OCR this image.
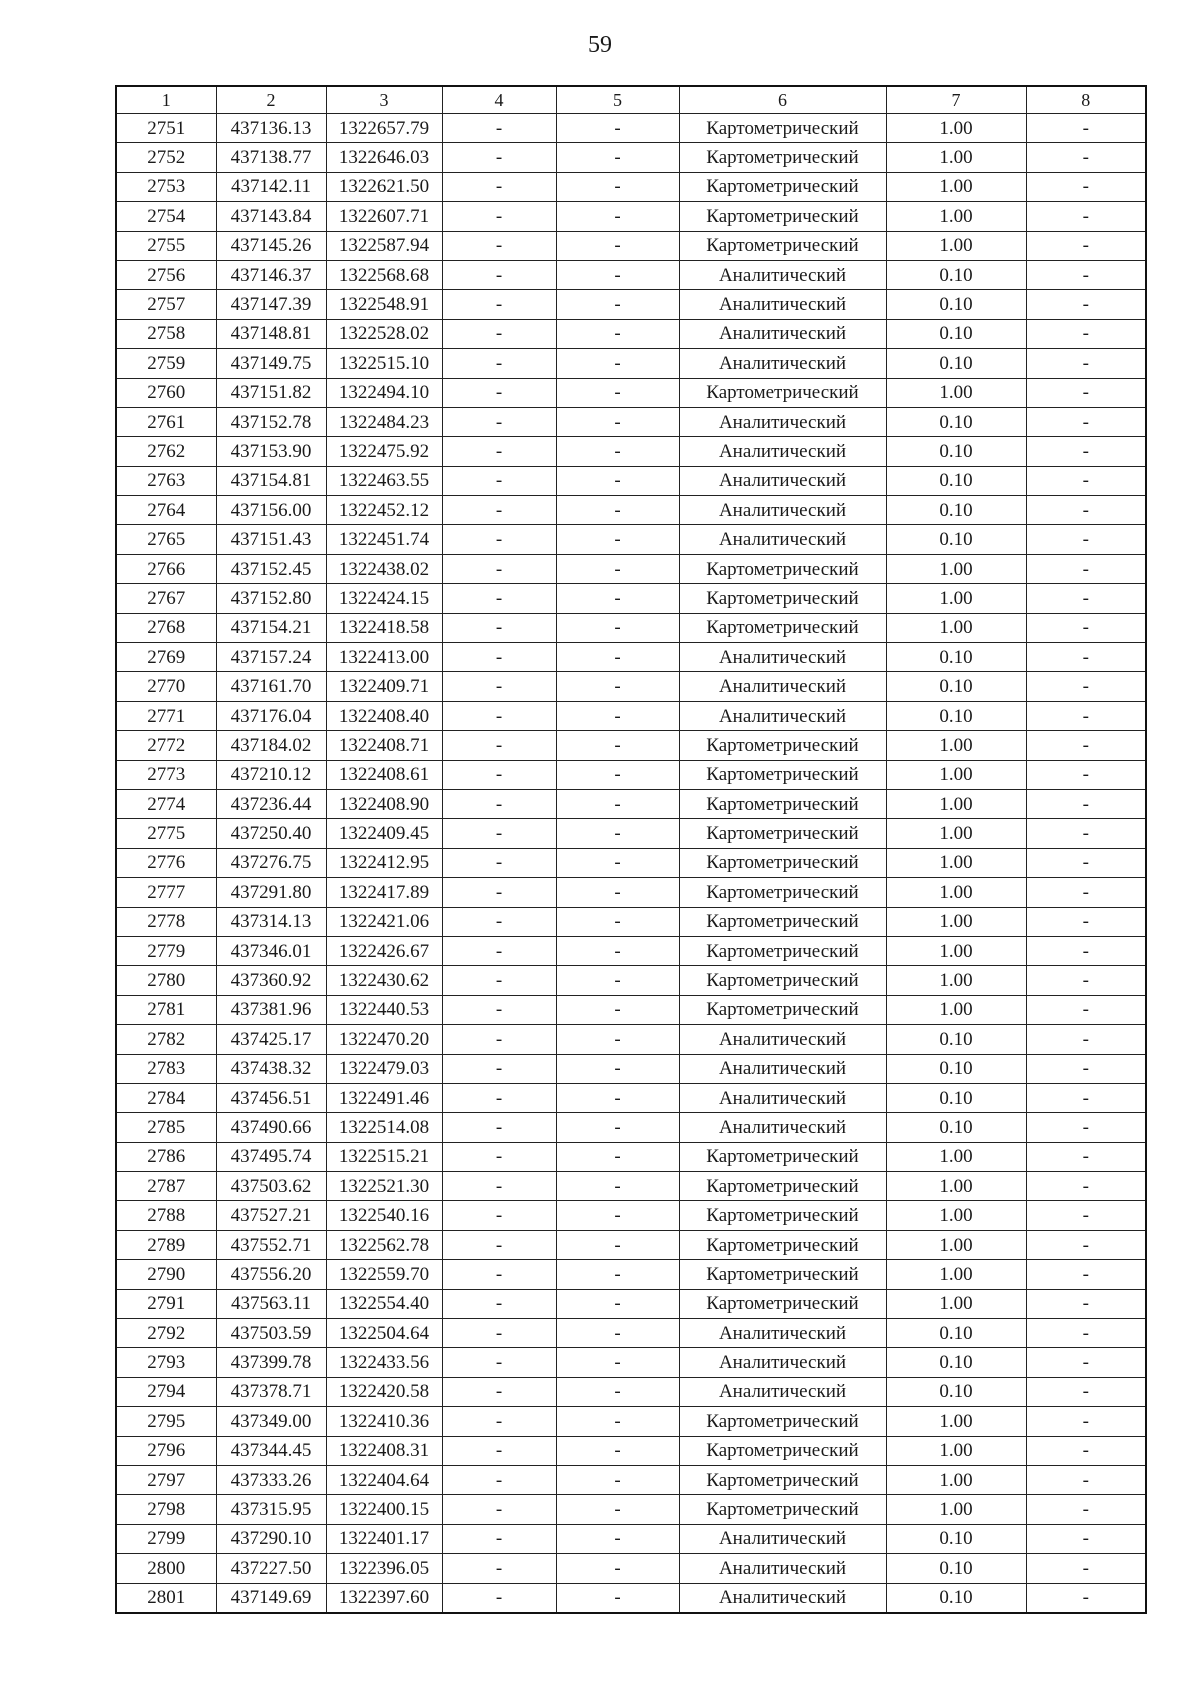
59
1	2	3	4	5	6	7	8
2751	437136.13	1322657.79	-	-	Картометрический	1.00	-
2752	437138.77	1322646.03	-	-	Картометрический	1.00	-
2753	437142.11	1322621.50	-	-	Картометрический	1.00	-
2754	437143.84	1322607.71	-	-	Картометрический	1.00	-
2755	437145.26	1322587.94	-	-	Картометрический	1.00	-
2756	437146.37	1322568.68	-	-	Аналитический	0.10	-
2757	437147.39	1322548.91	-	-	Аналитический	0.10	-
2758	437148.81	1322528.02	-	-	Аналитический	0.10	-
2759	437149.75	1322515.10	-	-	Аналитический	0.10	-
2760	437151.82	1322494.10	-	-	Картометрический	1.00	-
2761	437152.78	1322484.23	-	-	Аналитический	0.10	-
2762	437153.90	1322475.92	-	-	Аналитический	0.10	-
2763	437154.81	1322463.55	-	-	Аналитический	0.10	-
2764	437156.00	1322452.12	-	-	Аналитический	0.10	-
2765	437151.43	1322451.74	-	-	Аналитический	0.10	-
2766	437152.45	1322438.02	-	-	Картометрический	1.00	-
2767	437152.80	1322424.15	-	-	Картометрический	1.00	-
2768	437154.21	1322418.58	-	-	Картометрический	1.00	-
2769	437157.24	1322413.00	-	-	Аналитический	0.10	-
2770	437161.70	1322409.71	-	-	Аналитический	0.10	-
2771	437176.04	1322408.40	-	-	Аналитический	0.10	-
2772	437184.02	1322408.71	-	-	Картометрический	1.00	-
2773	437210.12	1322408.61	-	-	Картометрический	1.00	-
2774	437236.44	1322408.90	-	-	Картометрический	1.00	-
2775	437250.40	1322409.45	-	-	Картометрический	1.00	-
2776	437276.75	1322412.95	-	-	Картометрический	1.00	-
2777	437291.80	1322417.89	-	-	Картометрический	1.00	-
2778	437314.13	1322421.06	-	-	Картометрический	1.00	-
2779	437346.01	1322426.67	-	-	Картометрический	1.00	-
2780	437360.92	1322430.62	-	-	Картометрический	1.00	-
2781	437381.96	1322440.53	-	-	Картометрический	1.00	-
2782	437425.17	1322470.20	-	-	Аналитический	0.10	-
2783	437438.32	1322479.03	-	-	Аналитический	0.10	-
2784	437456.51	1322491.46	-	-	Аналитический	0.10	-
2785	437490.66	1322514.08	-	-	Аналитический	0.10	-
2786	437495.74	1322515.21	-	-	Картометрический	1.00	-
2787	437503.62	1322521.30	-	-	Картометрический	1.00	-
2788	437527.21	1322540.16	-	-	Картометрический	1.00	-
2789	437552.71	1322562.78	-	-	Картометрический	1.00	-
2790	437556.20	1322559.70	-	-	Картометрический	1.00	-
2791	437563.11	1322554.40	-	-	Картометрический	1.00	-
2792	437503.59	1322504.64	-	-	Аналитический	0.10	-
2793	437399.78	1322433.56	-	-	Аналитический	0.10	-
2794	437378.71	1322420.58	-	-	Аналитический	0.10	-
2795	437349.00	1322410.36	-	-	Картометрический	1.00	-
2796	437344.45	1322408.31	-	-	Картометрический	1.00	-
2797	437333.26	1322404.64	-	-	Картометрический	1.00	-
2798	437315.95	1322400.15	-	-	Картометрический	1.00	-
2799	437290.10	1322401.17	-	-	Аналитический	0.10	-
2800	437227.50	1322396.05	-	-	Аналитический	0.10	-
2801	437149.69	1322397.60	-	-	Аналитический	0.10	-
